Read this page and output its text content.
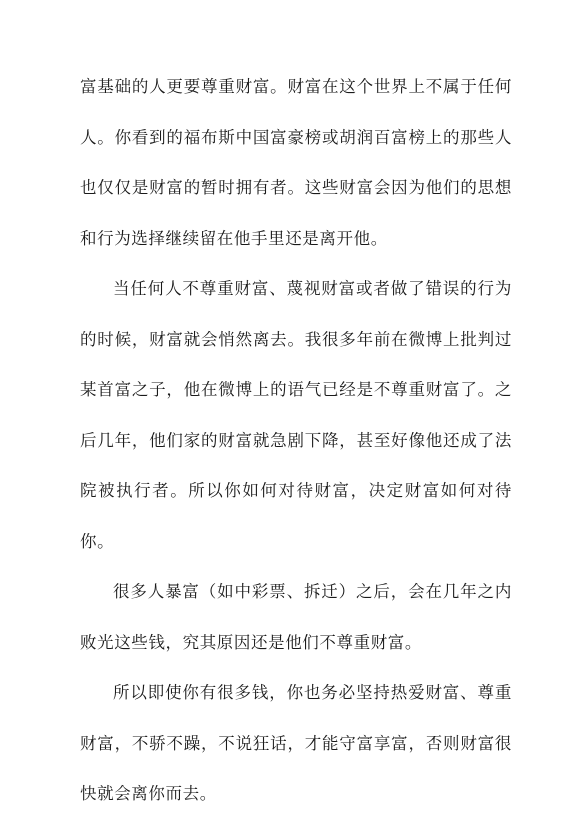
富基础的人更要尊重财富。财富在这个世界上不属于任何人。你看到的福布斯中国富豪榜或胡润百富榜上的那些人也仅仅是财富的暂时拥有者。这些财富会因为他们的思想和行为选择继续留在他手里还是离开他。

当任何人不尊重财富、蔑视财富或者做了错误的行为的时候，财富就会悄然离去。我很多年前在微博上批判过某首富之子，他在微博上的语气已经是不尊重财富了。之后几年，他们家的财富就急剧下降，甚至好像他还成了法院被执行者。所以你如何对待财富，决定财富如何对待你。

很多人暴富（如中彩票、拆迁）之后，会在几年之内败光这些钱，究其原因还是他们不尊重财富。

所以即使你有很多钱，你也务必坚持热爱财富、尊重财富，不骄不躁，不说狂话，才能守富享富，否则财富很快就会离你而去。
